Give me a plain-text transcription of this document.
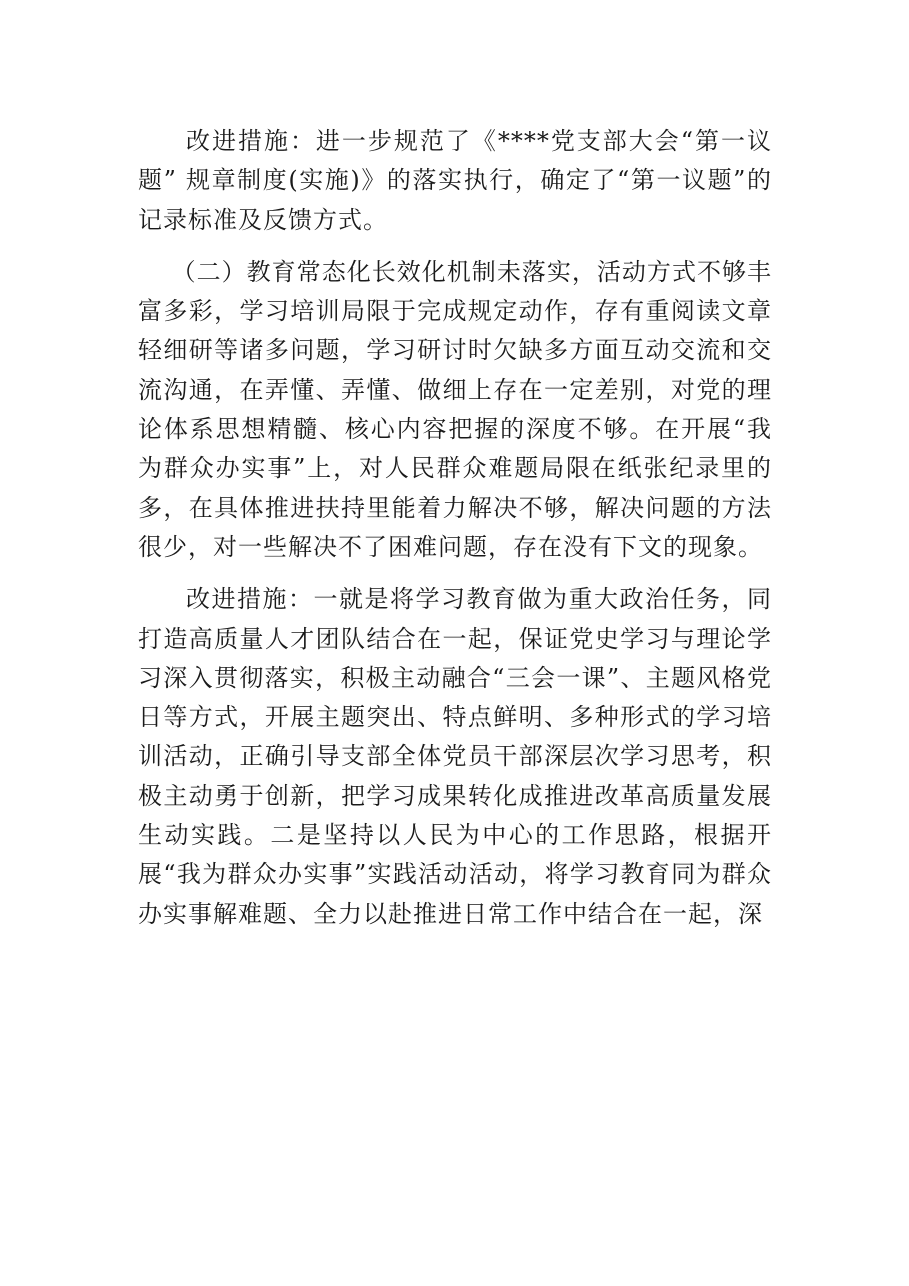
改进措施：进一步规范了《****党支部大会“第一议题” 规章制度(实施)》的落实执行，确定了“第一议题”的记录标准及反馈方式。

（二）教育常态化长效化机制未落实，活动方式不够丰富多彩，学习培训局限于完成规定动作，存有重阅读文章轻细研等诸多问题，学习研讨时欠缺多方面互动交流和交流沟通，在弄懂、弄懂、做细上存在一定差别，对党的理论体系思想精髓、核心内容把握的深度不够。在开展“我为群众办实事”上，对人民群众难题局限在纸张纪录里的多，在具体推进扶持里能着力解决不够，解决问题的方法很少，对一些解决不了困难问题，存在没有下文的现象。

改进措施：一就是将学习教育做为重大政治任务，同打造高质量人才团队结合在一起，保证党史学习与理论学习深入贯彻落实，积极主动融合“三会一课”、主题风格党日等方式，开展主题突出、特点鲜明、多种形式的学习培训活动，正确引导支部全体党员干部深层次学习思考，积极主动勇于创新，把学习成果转化成推进改革高质量发展生动实践。二是坚持以人民为中心的工作思路，根据开展“我为群众办实事”实践活动活动，将学习教育同为群众办实事解难题、全力以赴推进日常工作中结合在一起，深
